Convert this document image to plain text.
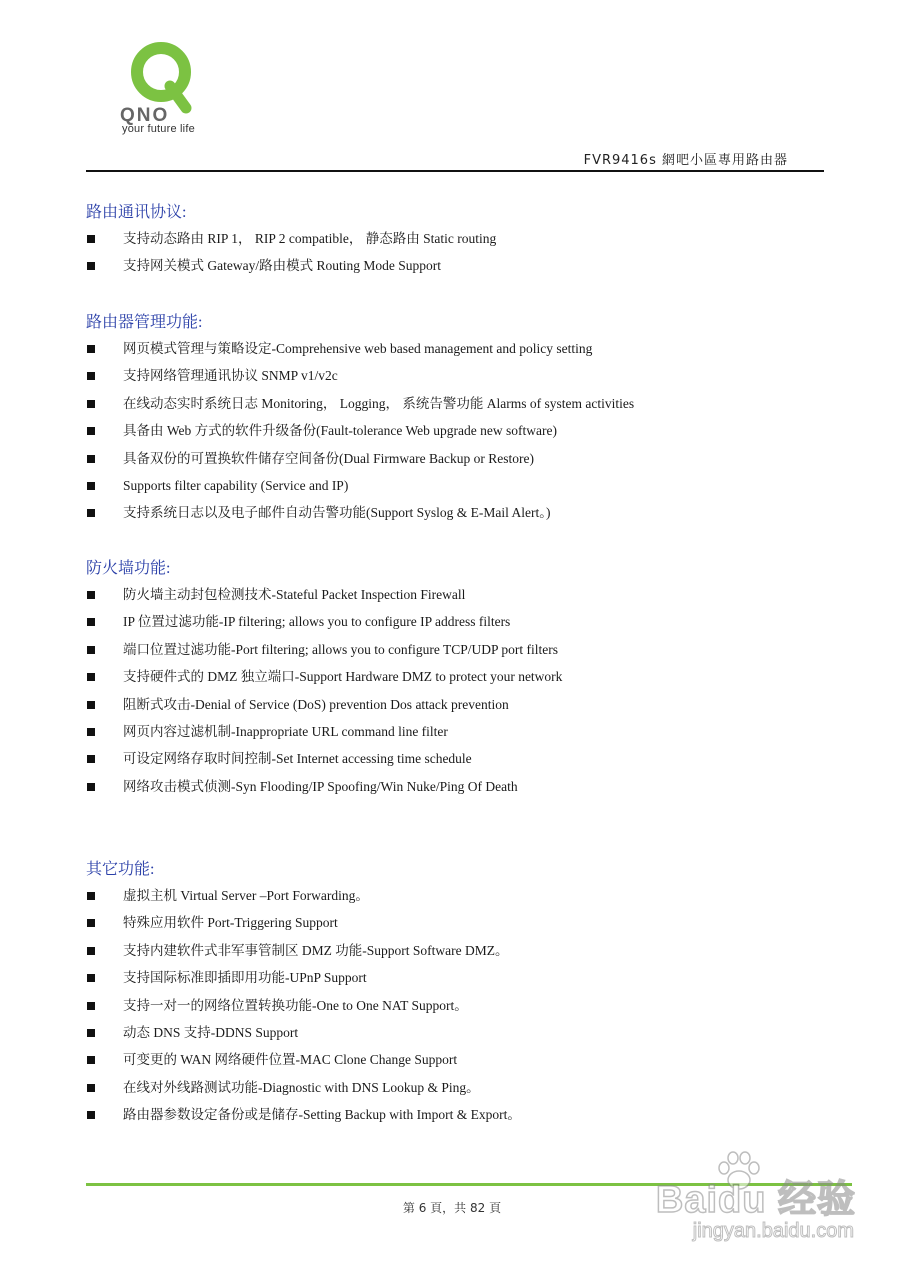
QNO
your future life
FVR9416s 網吧小區專用路由器
路由通讯协议:
支持动态路由 RIP 1， RIP 2 compatible， 静态路由 Static routing
支持网关模式 Gateway/路由模式 Routing Mode Support
路由器管理功能:
网页模式管理与策略设定-Comprehensive web based management and policy setting
支持网络管理通讯协议 SNMP v1/v2c
在线动态实时系统日志 Monitoring， Logging， 系统告警功能 Alarms of system activities
具备由 Web 方式的软件升级备份(Fault-tolerance Web upgrade new software)
具备双份的可置换软件储存空间备份(Dual Firmware Backup or Restore)
Supports filter capability (Service and IP)
支持系统日志以及电子邮件自动告警功能(Support Syslog & E-Mail Alert。)
防火墙功能:
防火墙主动封包检测技术-Stateful Packet Inspection Firewall
IP 位置过滤功能-IP filtering; allows you to configure IP address filters
端口位置过滤功能-Port filtering; allows you to configure TCP/UDP port filters
支持硬件式的 DMZ 独立端口-Support Hardware DMZ to protect your network
阻断式攻击-Denial of Service (DoS) prevention Dos attack prevention
网页内容过滤机制-Inappropriate URL command line filter
可设定网络存取时间控制-Set Internet accessing time schedule
网络攻击模式侦测-Syn Flooding/IP Spoofing/Win Nuke/Ping Of Death
其它功能:
虚拟主机 Virtual Server –Port Forwarding。
特殊应用软件 Port-Triggering Support
支持内建软件式非军事管制区 DMZ 功能-Support Software DMZ。
支持国际标准即插即用功能-UPnP Support
支持一对一的网络位置转换功能-One to One NAT Support。
动态 DNS 支持-DDNS Support
可变更的 WAN 网络硬件位置-MAC Clone Change Support
在线对外线路测试功能-Diagnostic with DNS Lookup & Ping。
路由器参数设定备份或是储存-Setting Backup with Import & Export。
第 6 頁，共 82 頁	Baidu 经验
jingyan.baidu.com
